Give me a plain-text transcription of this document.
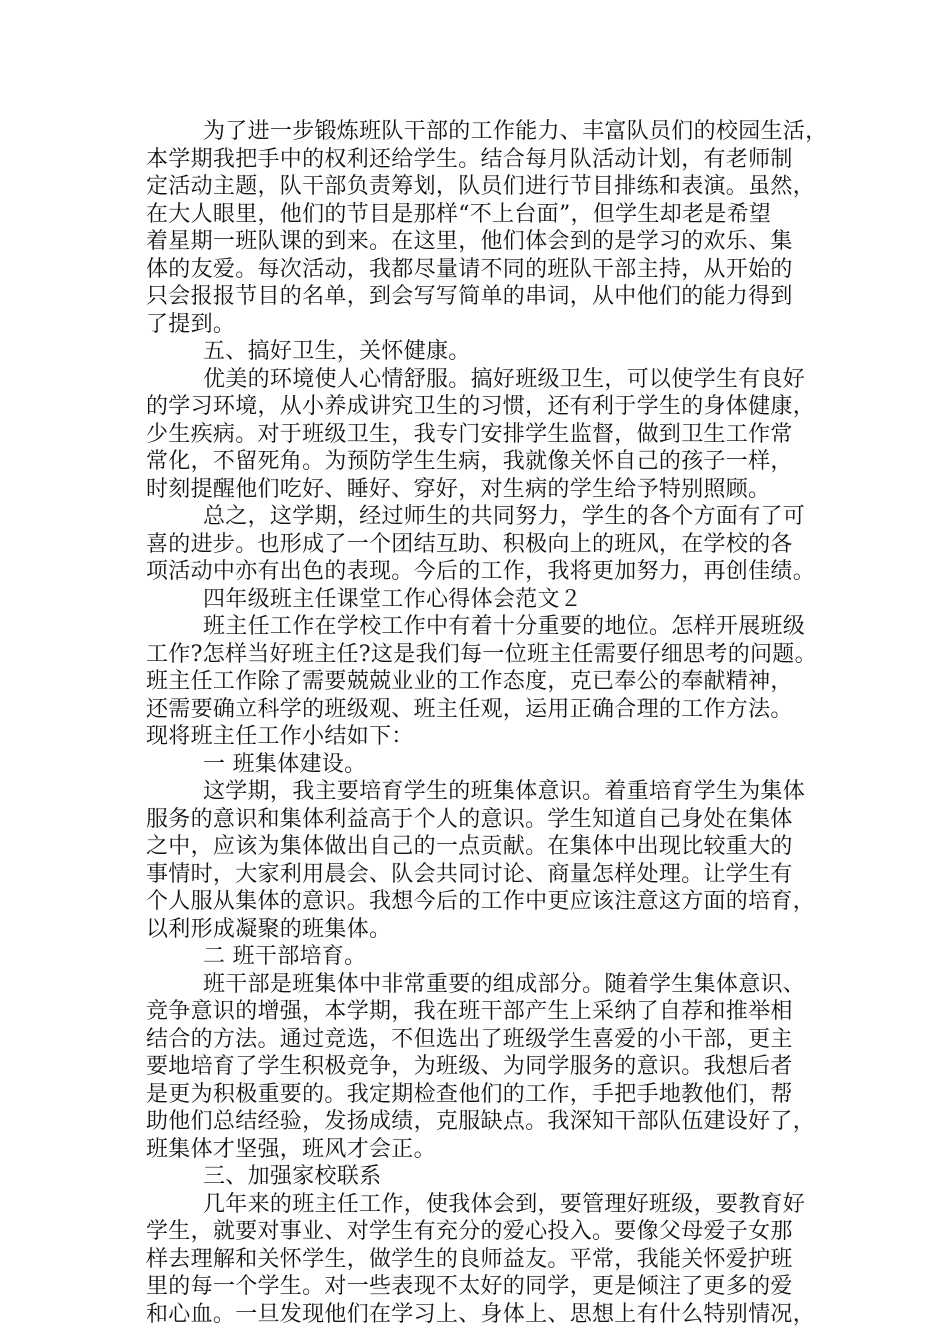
为了进一步锻炼班队干部的工作能力、丰富队员们的校园生活，
本学期我把手中的权利还给学生。结合每月队活动计划，有老师制
定活动主题，队干部负责筹划，队员们进行节目排练和表演。虽然，
在大人眼里，他们的节目是那样“不上台面”，但学生却老是希望
着星期一班队课的到来。在这里，他们体会到的是学习的欢乐、集
体的友爱。每次活动，我都尽量请不同的班队干部主持，从开始的
只会报报节目的名单，到会写写简单的串词，从中他们的能力得到
了提到。
五、搞好卫生，关怀健康。
优美的环境使人心情舒服。搞好班级卫生，可以使学生有良好
的学习环境，从小养成讲究卫生的习惯，还有利于学生的身体健康，
少生疾病。对于班级卫生，我专门安排学生监督，做到卫生工作常
常化，不留死角。为预防学生生病，我就像关怀自己的孩子一样，
时刻提醒他们吃好、睡好、穿好，对生病的学生给予特别照顾。
总之，这学期，经过师生的共同努力，学生的各个方面有了可
喜的进步。也形成了一个团结互助、积极向上的班风，在学校的各
项活动中亦有出色的表现。今后的工作，我将更加努力，再创佳绩。
四年级班主任课堂工作心得体会范文２
班主任工作在学校工作中有着十分重要的地位。怎样开展班级
工作?怎样当好班主任?这是我们每一位班主任需要仔细思考的问题。
班主任工作除了需要兢兢业业的工作态度，克已奉公的奉献精神，
还需要确立科学的班级观、班主任观，运用正确合理的工作方法。
现将班主任工作小结如下：
一 班集体建设。
这学期，我主要培育学生的班集体意识。着重培育学生为集体
服务的意识和集体利益高于个人的意识。学生知道自己身处在集体
之中，应该为集体做出自己的一点贡献。在集体中出现比较重大的
事情时，大家利用晨会、队会共同讨论、商量怎样处理。让学生有
个人服从集体的意识。我想今后的工作中更应该注意这方面的培育，
以利形成凝聚的班集体。
二 班干部培育。
班干部是班集体中非常重要的组成部分。随着学生集体意识、
竞争意识的增强，本学期，我在班干部产生上采纳了自荐和推举相
结合的方法。通过竞选，不但选出了班级学生喜爱的小干部，更主
要地培育了学生积极竞争，为班级、为同学服务的意识。我想后者
是更为积极重要的。我定期检查他们的工作，手把手地教他们，帮
助他们总结经验，发扬成绩，克服缺点。我深知干部队伍建设好了，
班集体才坚强，班风才会正。
三、加强家校联系
几年来的班主任工作，使我体会到，要管理好班级，要教育好
学生，就要对事业、对学生有充分的爱心投入。要像父母爱子女那
样去理解和关怀学生，做学生的良师益友。平常，我能关怀爱护班
里的每一个学生。对一些表现不太好的同学，更是倾注了更多的爱
和心血。一旦发现他们在学习上、身体上、思想上有什么特别情况，
